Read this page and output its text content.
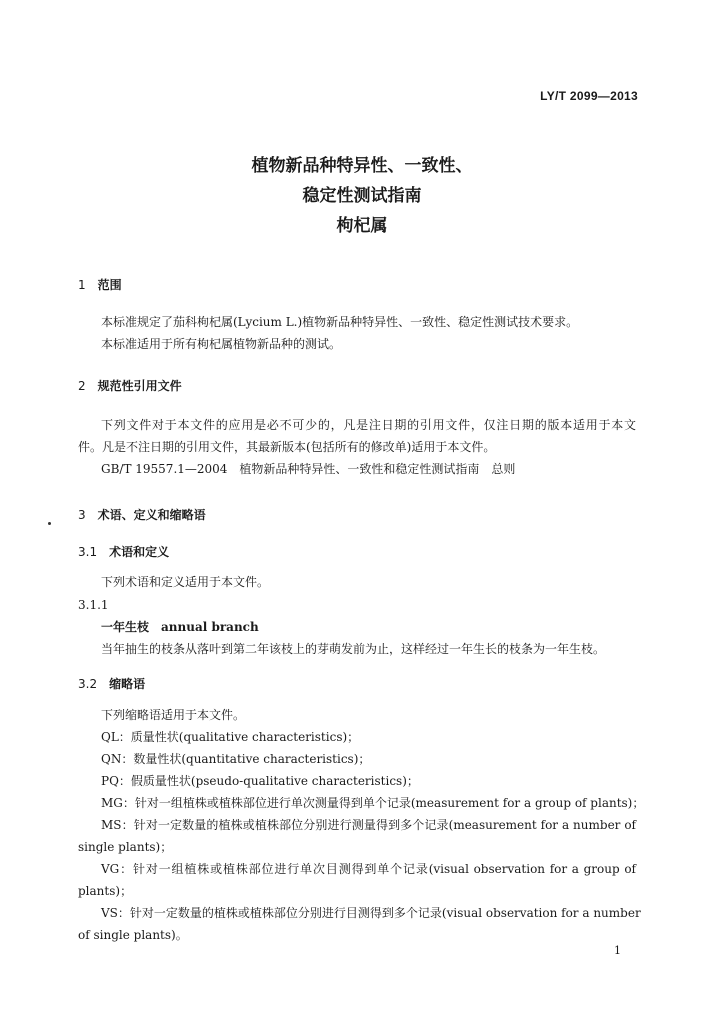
LY/T 2099—2013
植物新品种特异性、一致性、
稳定性测试指南
枸杞属
1 范围
本标准规定了茄科枸杞属(Lycium L.)植物新品种特异性、一致性、稳定性测试技术要求。
本标准适用于所有枸杞属植物新品种的测试。
2 规范性引用文件
下列文件对于本文件的应用是必不可少的，凡是注日期的引用文件，仅注日期的版本适用于本文
件。凡是不注日期的引用文件，其最新版本(包括所有的修改单)适用于本文件。
GB/T 19557.1—2004　植物新品种特异性、一致性和稳定性测试指南　总则
3 术语、定义和缩略语
3.1 术语和定义
下列术语和定义适用于本文件。
3.1.1
一年生枝　annual branch
当年抽生的枝条从落叶到第二年该枝上的芽萌发前为止，这样经过一年生长的枝条为一年生枝。
3.2 缩略语
下列缩略语适用于本文件。
QL：质量性状(qualitative characteristics)；
QN：数量性状(quantitative characteristics)；
PQ：假质量性状(pseudo-qualitative characteristics)；
MG：针对一组植株或植株部位进行单次测量得到单个记录(measurement for a group of plants)；
MS：针对一定数量的植株或植株部位分别进行测量得到多个记录(measurement for a number of
single plants)；
VG：针对一组植株或植株部位进行单次目测得到单个记录(visual observation for a group of
plants)；
VS：针对一定数量的植株或植株部位分别进行目测得到多个记录(visual observation for a number
of single plants)。
1
